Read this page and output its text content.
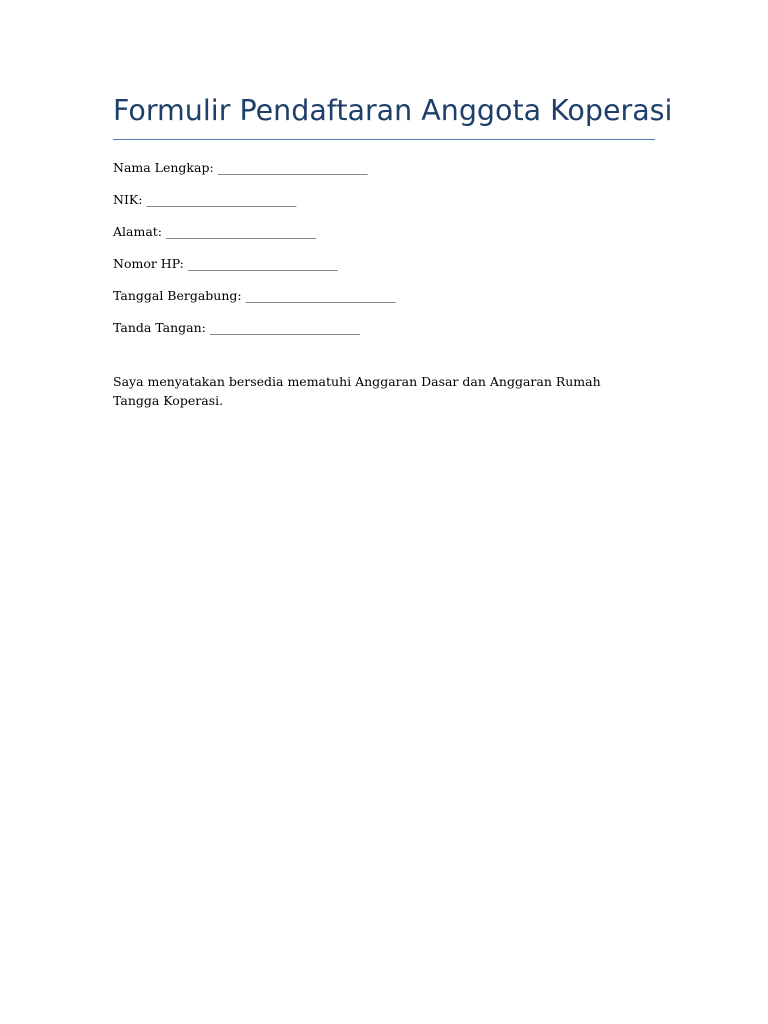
Formulir Pendaftaran Anggota Koperasi
Nama Lengkap: ________________________
NIK: ________________________
Alamat: ________________________
Nomor HP: ________________________
Tanggal Bergabung: ________________________
Tanda Tangan: ________________________
Saya menyatakan bersedia mematuhi Anggaran Dasar dan Anggaran Rumah Tangga Koperasi.
